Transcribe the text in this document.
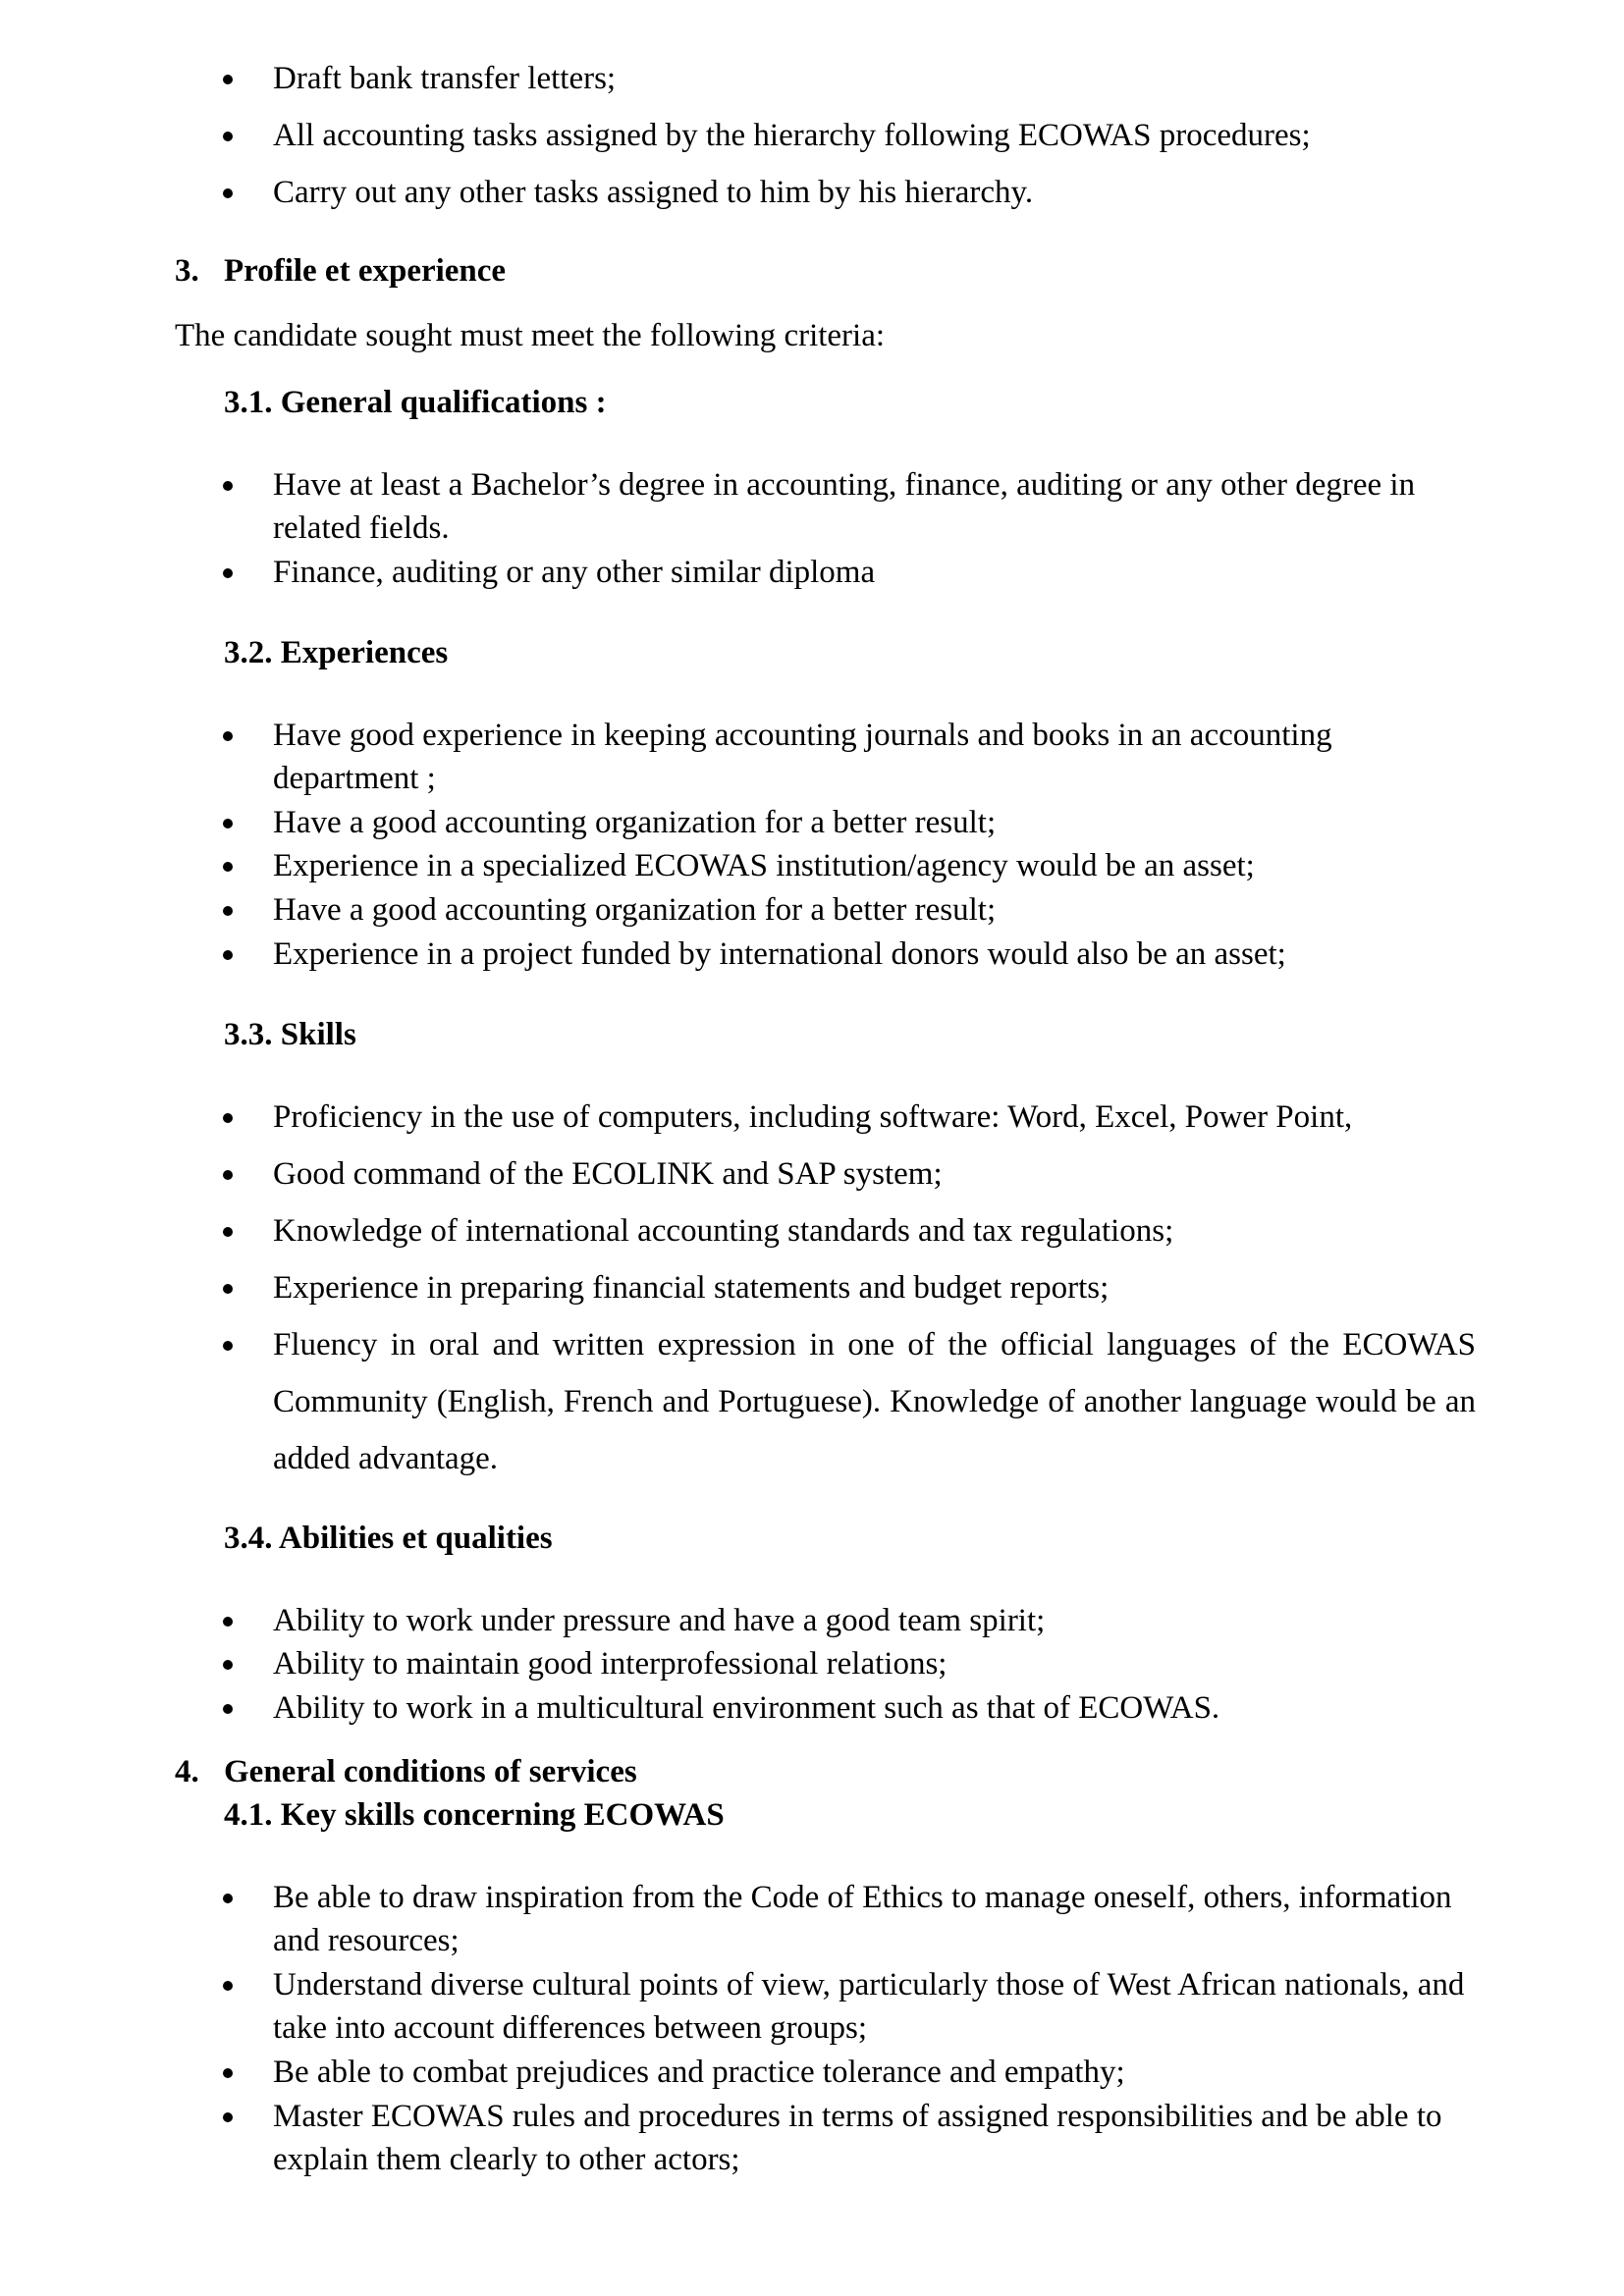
Draft bank transfer letters;
All accounting tasks assigned by the hierarchy following ECOWAS procedures;
Carry out any other tasks assigned to him by his hierarchy.
3. Profile et experience
The candidate sought must meet the following criteria:
3.1. General qualifications :
Have at least a Bachelor’s degree in accounting, finance, auditing or any other degree in
related fields.
Finance, auditing or any other similar diploma
3.2. Experiences
Have good experience in keeping accounting journals and books in an accounting
department ;
Have a good accounting organization for a better result;
Experience in a specialized ECOWAS institution/agency would be an asset;
Have a good accounting organization for a better result;
Experience in a project funded by international donors would also be an asset;
3.3. Skills
Proficiency in the use of computers, including software: Word, Excel, Power Point,
Good command of the ECOLINK and SAP system;
Knowledge of international accounting standards and tax regulations;
Experience in preparing financial statements and budget reports;
Fluency in oral and written expression in one of the official languages of the ECOWAS
Community (English, French and Portuguese). Knowledge of another language would be an
added advantage.
3.4. Abilities et qualities
Ability to work under pressure and have a good team spirit;
Ability to maintain good interprofessional relations;
Ability to work in a multicultural environment such as that of ECOWAS.
4. General conditions of services
4.1. Key skills concerning ECOWAS
Be able to draw inspiration from the Code of Ethics to manage oneself, others, information
and resources;
Understand diverse cultural points of view, particularly those of West African nationals, and
take into account differences between groups;
Be able to combat prejudices and practice tolerance and empathy;
Master ECOWAS rules and procedures in terms of assigned responsibilities and be able to
explain them clearly to other actors;
